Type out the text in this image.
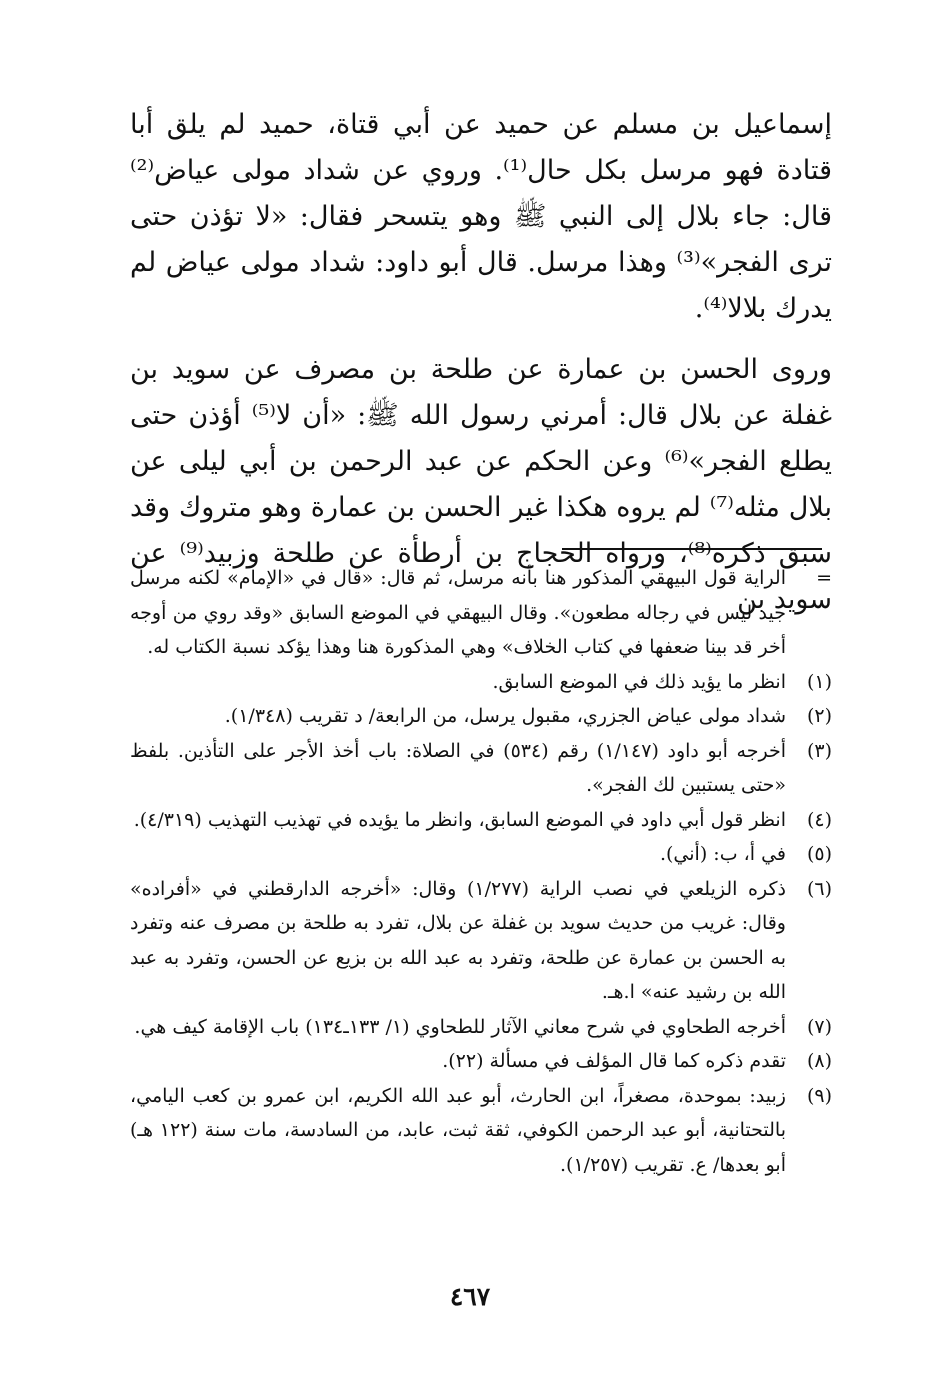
إسماعيل بن مسلم عن حميد عن أبي قتاة، حميد لم يلق أبا قتادة فهو مرسل بكل حال⁽¹⁾. وروي عن شداد مولى عياض⁽²⁾ قال: جاء بلال إلى النبي ﷺ وهو يتسحر فقال: «لا تؤذن حتى ترى الفجر»⁽³⁾ وهذا مرسل. قال أبو داود: شداد مولى عياض لم يدرك بلالا⁽⁴⁾.

وروى الحسن بن عمارة عن طلحة بن مصرف عن سويد بن غفلة عن بلال قال: أمرني رسول الله ﷺ: «أن لا⁽⁵⁾ أؤذن حتى يطلع الفجر»⁽⁶⁾ وعن الحكم عن عبد الرحمن بن أبي ليلى عن بلال مثله⁽⁷⁾ لم يروه هكذا غير الحسن بن عمارة وهو متروك وقد سبق ذكره⁽⁸⁾، ورواه الحجاج بن أرطأة عن طلحة وزبيد⁽⁹⁾ عن سويد بن

=
الراية قول البيهقي المذكور هنا بأنه مرسل، ثم قال: «قال في «الإمام» لكنه مرسل جيد ليس في رجاله مطعون». وقال البيهقي في الموضع السابق «وقد روي من أوجه أخر قد بينا ضعفها في كتاب الخلاف» وهي المذكورة هنا وهذا يؤكد نسبة الكتاب له.
(١)
انظر ما يؤيد ذلك في الموضع السابق.
(٢)
شداد مولى عياض الجزري، مقبول يرسل، من الرابعة/ د تقريب (١/٣٤٨).
(٣)
أخرجه أبو داود (١/١٤٧) رقم (٥٣٤) في الصلاة: باب أخذ الأجر على التأذين. بلفظ «حتى يستبين لك الفجر».
(٤)
انظر قول أبي داود في الموضع السابق، وانظر ما يؤيده في تهذيب التهذيب (٤/٣١٩).
(٥)
في أ، ب: (أني).
(٦)
ذكره الزيلعي في نصب الراية (١/٢٧٧) وقال: «أخرجه الدارقطني في «أفراده» وقال: غريب من حديث سويد بن غفلة عن بلال، تفرد به طلحة بن مصرف عنه وتفرد به الحسن بن عمارة عن طلحة، وتفرد به عبد الله بن بزيع عن الحسن، وتفرد به عبد الله بن رشيد عنه» ا.هـ.
(٧)
أخرجه الطحاوي في شرح معاني الآثار للطحاوي (١/ ١٣٣ـ١٣٤) باب الإقامة كيف هي.
(٨)
تقدم ذكره كما قال المؤلف في مسألة (٢٢).
(٩)
زبيد: بموحدة، مصغراً، ابن الحارث، أبو عبد الله الكريم، ابن عمرو بن كعب اليامي، بالتحتانية، أبو عبد الرحمن الكوفي، ثقة ثبت، عابد، من السادسة، مات سنة (١٢٢ هـ) أبو بعدها/ ع. تقريب (١/٢٥٧).
٤٦٧
